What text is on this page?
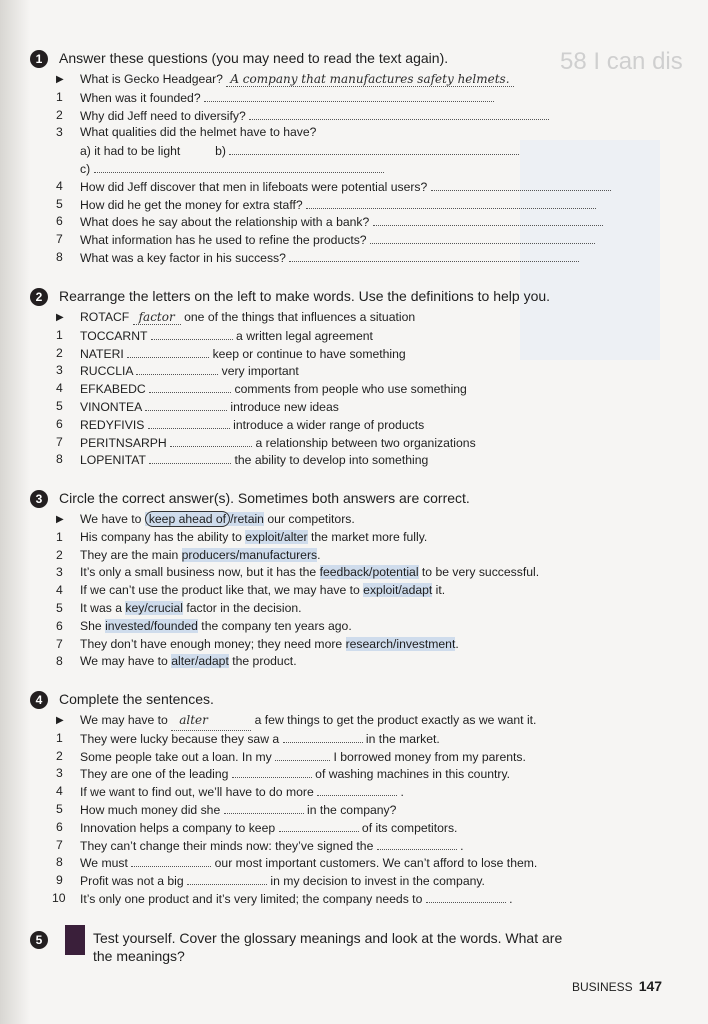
58 I can dis
1	Answer these questions (you may need to read the text again).
▶	What is Gecko Headgear? A company that manufactures safety helmets.
1	When was it founded?
2	Why did Jeff need to diversify?
3	What qualities did the helmet have to have?
a) it had to be light	b)
c)
4	How did Jeff discover that men in lifeboats were potential users?
5	How did he get the money for extra staff?
6	What does he say about the relationship with a bank?
7	What information has he used to refine the products?
8	What was a key factor in his success?
2	Rearrange the letters on the left to make words. Use the definitions to help you.
▶	ROTACF factor one of the things that influences a situation
1	TOCCARNT	a written legal agreement
2	NATERI	keep or continue to have something
3	RUCCLIA	very important
4	EFKABEDC	comments from people who use something
5	VINONTEA	introduce new ideas
6	REDYFIVIS	introduce a wider range of products
7	PERITNSARPH	a relationship between two organizations
8	LOPENITAT	the ability to develop into something
3	Circle the correct answer(s). Sometimes both answers are correct.
▶	We have to keep ahead of /retain our competitors.
1	His company has the ability to exploit/alter the market more fully.
2	They are the main producers/manufacturers.
3	It’s only a small business now, but it has the feedback/potential to be very successful.
4	If we can’t use the product like that, we may have to exploit/adapt it.
5	It was a key/crucial factor in the decision.
6	She invested/founded the company ten years ago.
7	They don’t have enough money; they need more research/investment.
8	We may have to alter/adapt the product.
4	Complete the sentences.
▶	We may have to alter	a few things to get the product exactly as we want it.
1	They were lucky because they saw a	in the market.
2	Some people take out a loan. In my	I borrowed money from my parents.
3	They are one of the leading	of washing machines in this country.
4	If we want to find out, we’ll have to do more	.
5	How much money did she	in the company?
6	Innovation helps a company to keep	of its competitors.
7	They can’t change their minds now: they’ve signed the	.
8	We must	our most important customers. We can’t afford to lose them.
9	Profit was not a big	in my decision to invest in the company.
10 It’s only one product and it’s very limited; the company needs to	.
5	Test yourself. Cover the glossary meanings and look at the words. What are
the meanings?
BUSINESS 147
